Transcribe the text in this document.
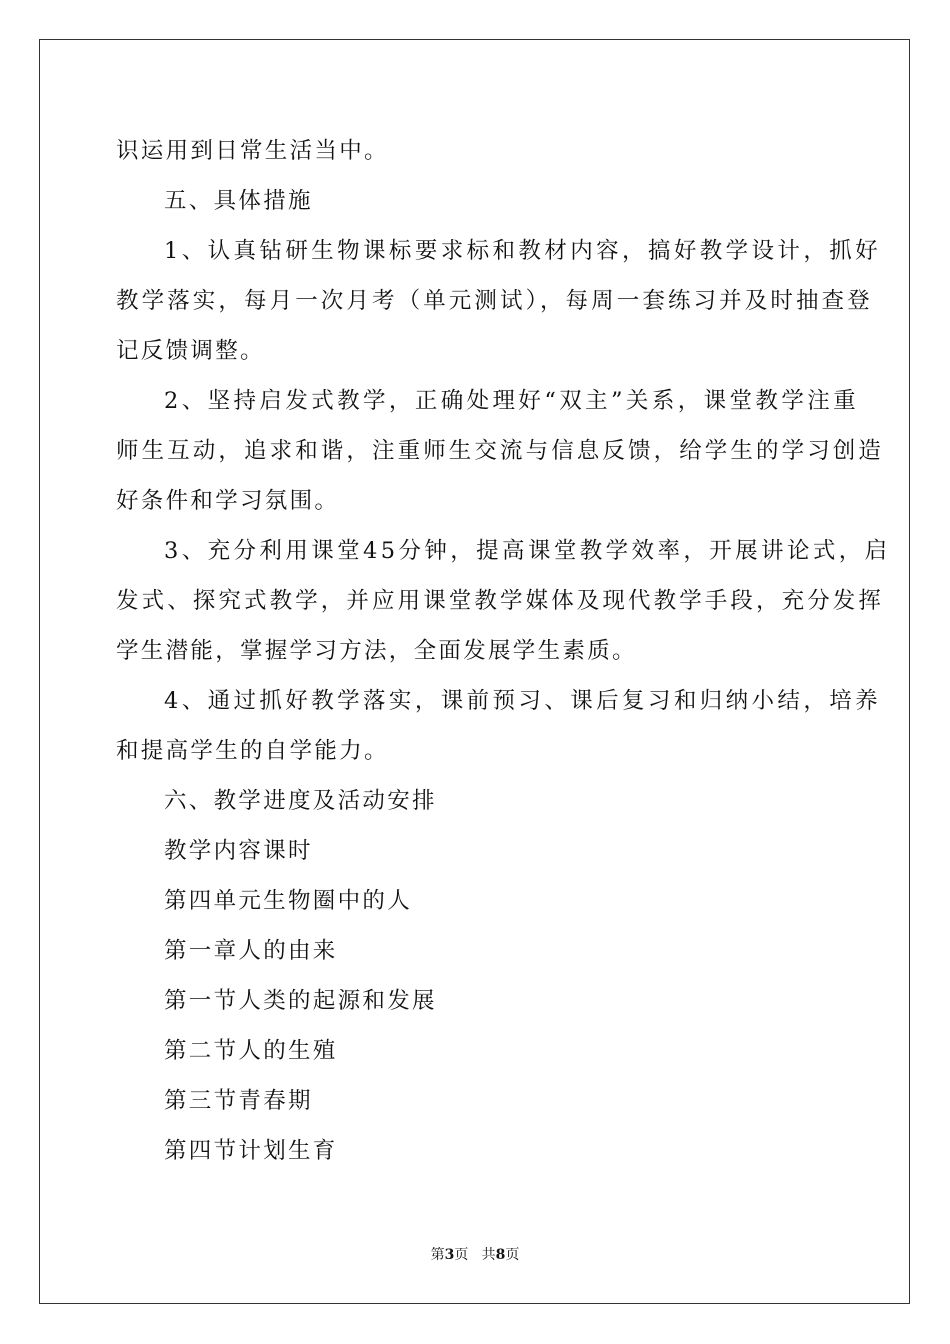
识运用到日常生活当中。
五、具体措施
1、认真钻研生物课标要求标和教材内容，搞好教学设计，抓好
教学落实，每月一次月考（单元测试），每周一套练习并及时抽查登
记反馈调整。
2、坚持启发式教学，正确处理好“双主”关系，课堂教学注重
师生互动，追求和谐，注重师生交流与信息反馈，给学生的学习创造
好条件和学习氛围。
3、充分利用课堂45分钟，提高课堂教学效率，开展讲论式，启
发式、探究式教学，并应用课堂教学媒体及现代教学手段，充分发挥
学生潜能，掌握学习方法，全面发展学生素质。
4、通过抓好教学落实，课前预习、课后复习和归纳小结，培养
和提高学生的自学能力。
六、教学进度及活动安排
教学内容课时
第四单元生物圈中的人
第一章人的由来
第一节人类的起源和发展
第二节人的生殖
第三节青春期
第四节计划生育
第3页 共8页
